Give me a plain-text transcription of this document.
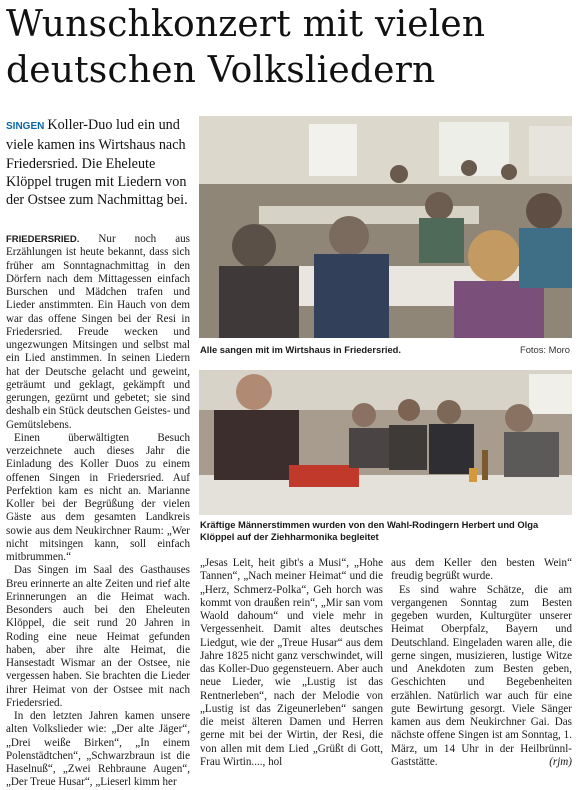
Wunschkonzert mit vielen deutschen Volksliedern

SINGEN Koller-Duo lud ein und viele kamen ins Wirtshaus nach Friedersried. Die Eheleute Klöppel trugen mit Liedern von der Ostsee zum Nachmittag bei.

FRIEDERSRIED. Nur noch aus Erzählungen ist heute bekannt, dass sich früher am Sonntagnachmittag in den Dörfern nach dem Mittagessen einfach Burschen und Mädchen trafen und Lieder anstimmten. Ein Hauch von dem war das offene Singen bei der Resi in Friedersried. Freude wecken und ungezwungen Mitsingen und selbst mal ein Lied anstimmen. In seinen Liedern hat der Deutsche gelacht und geweint, geträumt und geklagt, gekämpft und gerungen, gezürnt und gebetet; sie sind deshalb ein Stück deutschen Geistes- und Gemütslebens.

Einen überwältigten Besuch verzeichnete auch dieses Jahr die Einladung des Koller Duos zu einem offenen Singen in Friedersried. Auf Perfektion kam es nicht an. Marianne Koller bei der Begrüßung der vielen Gäste aus dem gesamten Landkreis sowie aus dem Neukirchner Raum: „Wer nicht mitsingen kann, soll einfach mitbrummen.“

Das Singen im Saal des Gasthauses Breu erinnerte an alte Zeiten und rief alte Erinnerungen an die Heimat wach. Besonders auch bei den Eheleuten Klöppel, die seit rund 20 Jahren in Roding eine neue Heimat gefunden haben, aber ihre alte Heimat, die Hansestadt Wismar an der Ostsee, nie vergessen haben. Sie brachten die Lieder ihrer Heimat von der Ostsee mit nach Friedersried.

In den letzten Jahren kamen unsere alten Volkslieder wie: „Der alte Jäger“, „Drei weiße Birken“, „In einem Polenstädtchen“, „Schwarzbraun ist die Haselnuß“, „Zwei Rehbraune Augen“, „Der Treue Husar“, „Lieserl kimm her

Alle sangen mit im Wirtshaus in Friedersried.	Fotos: Moro

Kräftige Männerstimmen wurden von den Wahl-Rodingern Herbert und Olga Klöppel auf der Ziehharmonika begleitet

„Jesas Leit, heit gibt's a Musi“, „Hohe Tannen“, „Nach meiner Heimat“ und die „Herz, Schmerz-Polka“, Geh horch was kommt von draußen rein“, „Mir san vom Waold dahoum“ und viele mehr in Vergessenheit. Damit altes deutsches Liedgut, wie der „Treue Husar“ aus dem Jahre 1825 nicht ganz verschwindet, will das Koller-Duo gegensteuern. Aber auch neue Lieder, wie „Lustig ist das Rentnerleben“, nach der Melodie von „Lustig ist das Zigeunerleben“ sangen die meist älteren Damen und Herren gerne mit bei der Wirtin, der Resi, die von allen mit dem Lied „Grüßt di Gott, Frau Wirtin...., hol

aus dem Keller den besten Wein“ freudig begrüßt wurde.

Es sind wahre Schätze, die am vergangenen Sonntag zum Besten gegeben wurden, Kulturgüter unserer Heimat Oberpfalz, Bayern und Deutschland. Eingeladen waren alle, die gerne singen, musizieren, lustige Witze und Anekdoten zum Besten geben, Geschichten und Begebenheiten erzählen. Natürlich war auch für eine gute Bewirtung gesorgt. Viele Sänger kamen aus dem Neukirchner Gai. Das nächste offene Singen ist am Sonntag, 1. März, um 14 Uhr in der Heilbrünnl-Gaststätte.	(rjm)
